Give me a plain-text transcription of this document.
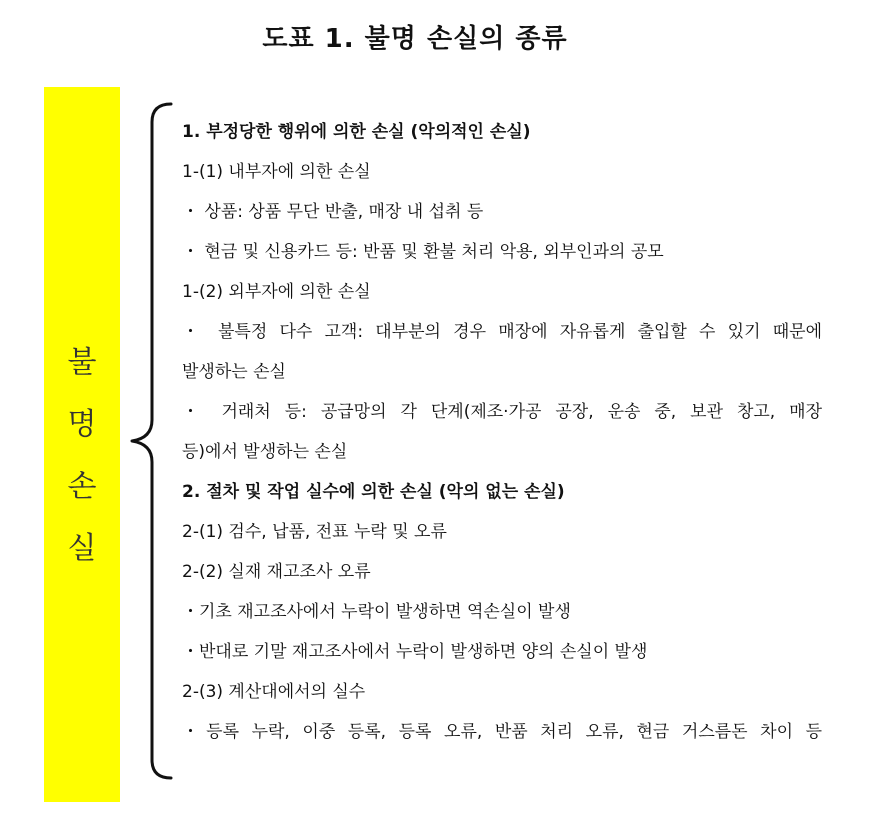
도표 1. 불명 손실의 종류
불
명
손
실
1. 부정당한 행위에 의한 손실 (악의적인 손실)
1-(1) 내부자에 의한 손실
・ 상품: 상품 무단 반출, 매장 내 섭취 등
・ 현금 및 신용카드 등: 반품 및 환불 처리 악용, 외부인과의 공모
1-(2) 외부자에 의한 손실
・ 불특정 다수 고객: 대부분의 경우 매장에 자유롭게 출입할 수 있기 때문에
발생하는 손실
・ 거래처 등: 공급망의 각 단계(제조·가공 공장, 운송 중, 보관 창고, 매장
등)에서 발생하는 손실
2. 절차 및 작업 실수에 의한 손실 (악의 없는 손실)
2-(1) 검수, 납품, 전표 누락 및 오류
2-(2) 실재 재고조사 오류
・기초 재고조사에서 누락이 발생하면 역손실이 발생
・반대로 기말 재고조사에서 누락이 발생하면 양의 손실이 발생
2-(3) 계산대에서의 실수
・등록 누락, 이중 등록, 등록 오류, 반품 처리 오류, 현금 거스름돈 차이 등
